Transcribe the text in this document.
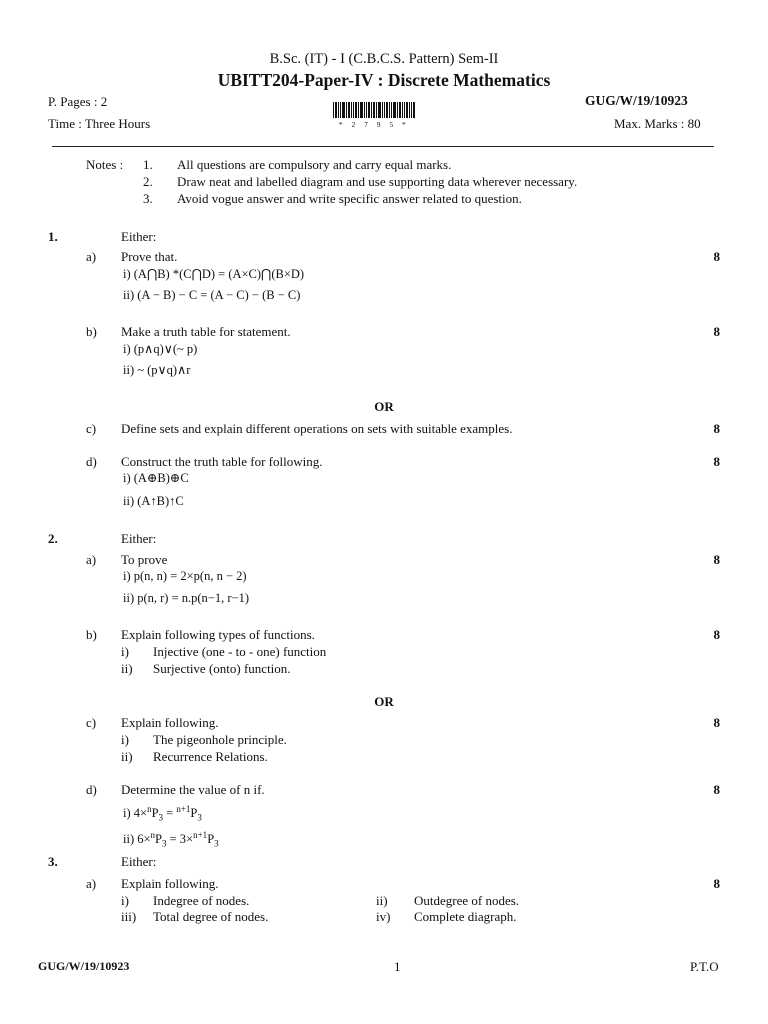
B.Sc. (IT) - I (C.B.C.S. Pattern) Sem-II
UBITT204-Paper-IV : Discrete Mathematics
P. Pages : 2	GUG/W/19/10923
Time : Three Hours	Max. Marks : 80
* 2 7 9 5 *
Notes : 1. All questions are compulsory and carry equal marks.
2. Draw neat and labelled diagram and use supporting data wherever necessary.
3. Avoid vogue answer and write specific answer related to question.
1.	Either:
a) Prove that.	8
i) (A⋂B) *(C⋂D) = (A×C)⋂(B×D)
ii) (A − B) − C = (A − C) − (B − C)
b) Make a truth table for statement.	8
i) (p∧q)∨(~ p)
ii) ~ (p∨q)∧r
OR
c) Define sets and explain different operations on sets with suitable examples.	8
d) Construct the truth table for following.	8
i) (A⊕B)⊕C
ii) (A↑B)↑C
2.	Either:
a) To prove	8
i) p(n, n) = 2×p(n, n − 2)
ii) p(n, r) = n.p(n−1, r−1)
b) Explain following types of functions.	8
i) Injective (one - to - one) function
ii) Surjective (onto) function.
OR
c) Explain following.	8
i) The pigeonhole principle.
ii) Recurrence Relations.
d) Determine the value of n if.	8
i) $4\times^nP_3 = ^{n+1}P_3$
ii) $6\times^nP_3 = 3\times^{n+1}P_3$
3.	Either:
a) Explain following.	8
i) Indegree of nodes.	ii) Outdegree of nodes.
iii) Total degree of nodes.	iv) Complete diagraph.
GUG/W/19/10923	1	P.T.O
